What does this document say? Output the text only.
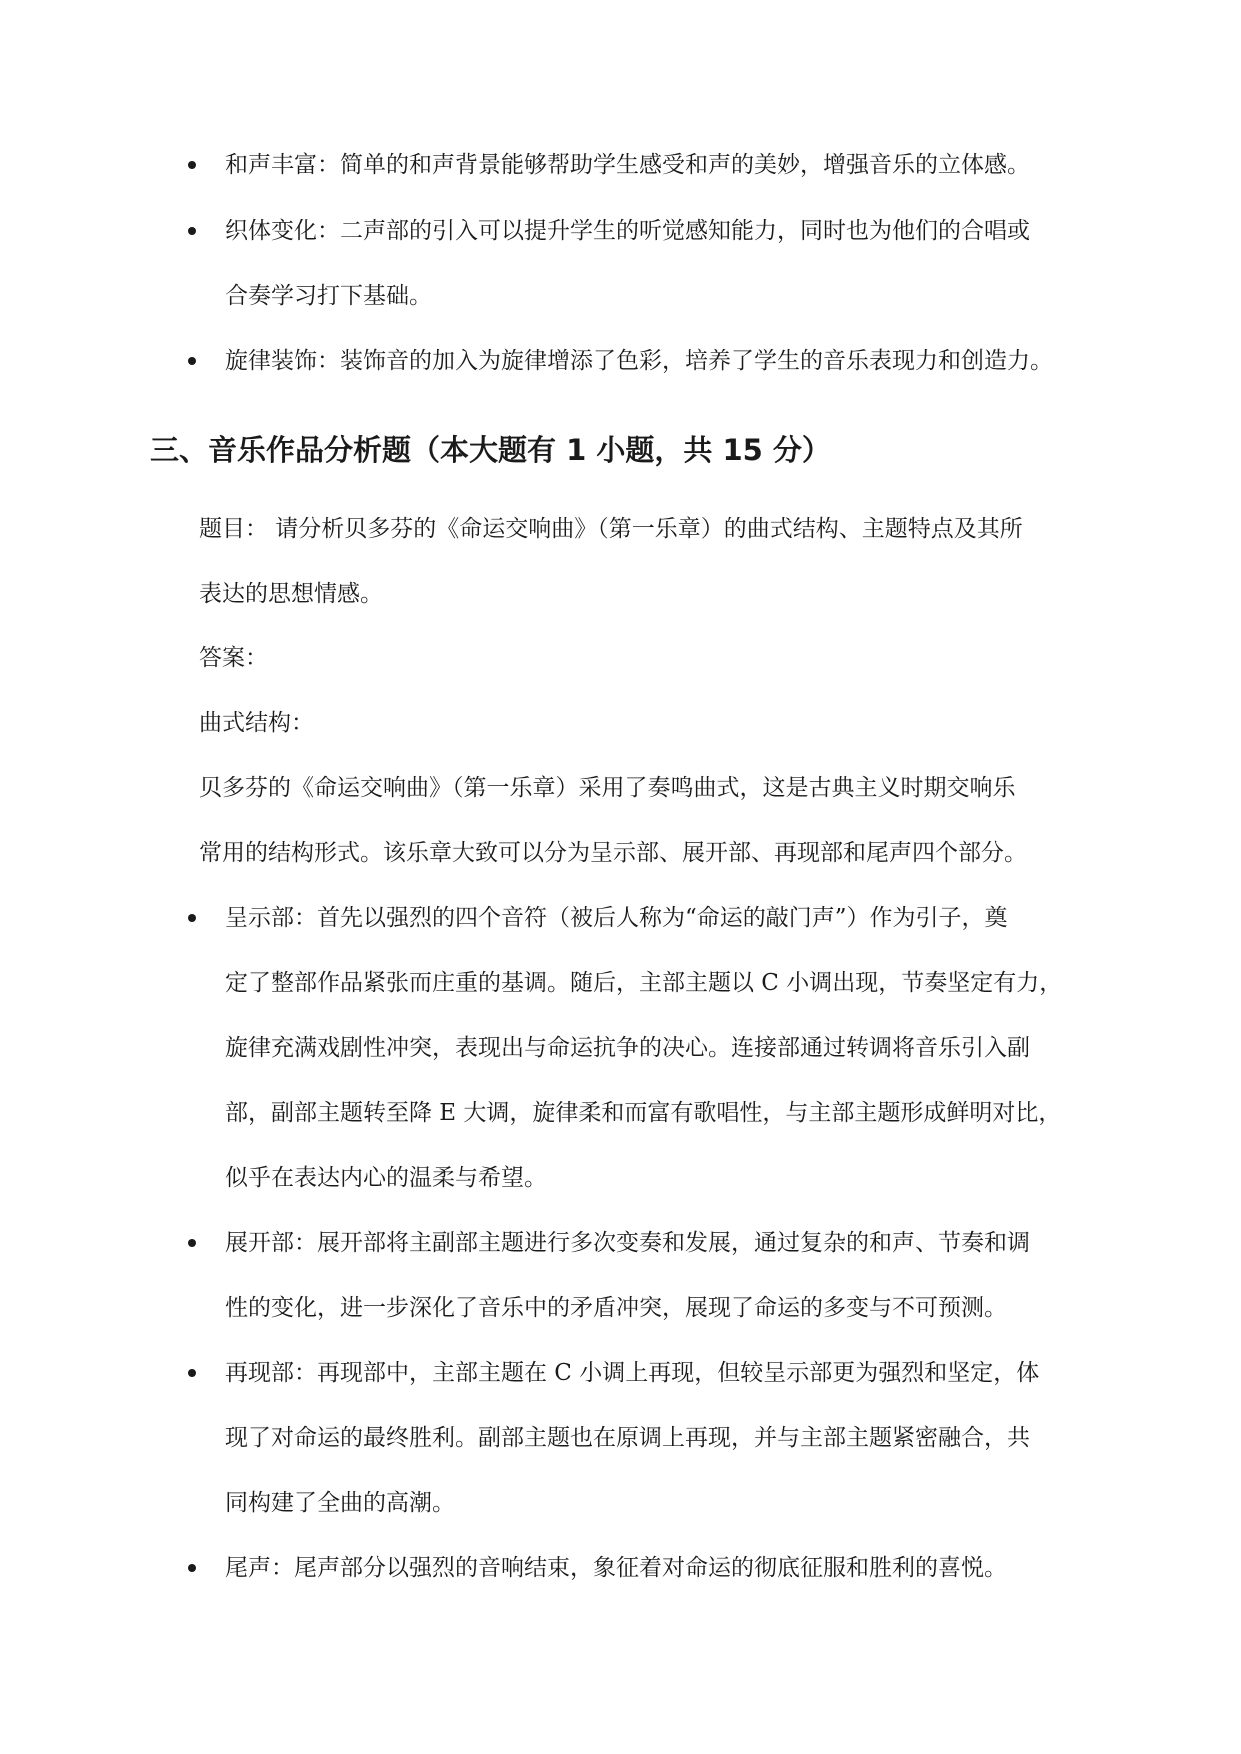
和声丰富：简单的和声背景能够帮助学生感受和声的美妙，增强音乐的立体感。
织体变化：二声部的引入可以提升学生的听觉感知能力，同时也为他们的合唱或
合奏学习打下基础。
旋律装饰：装饰音的加入为旋律增添了色彩，培养了学生的音乐表现力和创造力。
三、音乐作品分析题（本大题有 1 小题，共 15 分）
题目： 请分析贝多芬的《命运交响曲》（第一乐章）的曲式结构、主题特点及其所
表达的思想情感。
答案：
曲式结构：
贝多芬的《命运交响曲》（第一乐章）采用了奏鸣曲式，这是古典主义时期交响乐
常用的结构形式。该乐章大致可以分为呈示部、展开部、再现部和尾声四个部分。
呈示部：首先以强烈的四个音符（被后人称为“命运的敲门声”）作为引子，奠
定了整部作品紧张而庄重的基调。随后，主部主题以 C 小调出现，节奏坚定有力，
旋律充满戏剧性冲突，表现出与命运抗争的决心。连接部通过转调将音乐引入副
部，副部主题转至降 E 大调，旋律柔和而富有歌唱性，与主部主题形成鲜明对比，
似乎在表达内心的温柔与希望。
展开部：展开部将主副部主题进行多次变奏和发展，通过复杂的和声、节奏和调
性的变化，进一步深化了音乐中的矛盾冲突，展现了命运的多变与不可预测。
再现部：再现部中，主部主题在 C 小调上再现，但较呈示部更为强烈和坚定，体
现了对命运的最终胜利。副部主题也在原调上再现，并与主部主题紧密融合，共
同构建了全曲的高潮。
尾声：尾声部分以强烈的音响结束，象征着对命运的彻底征服和胜利的喜悦。
